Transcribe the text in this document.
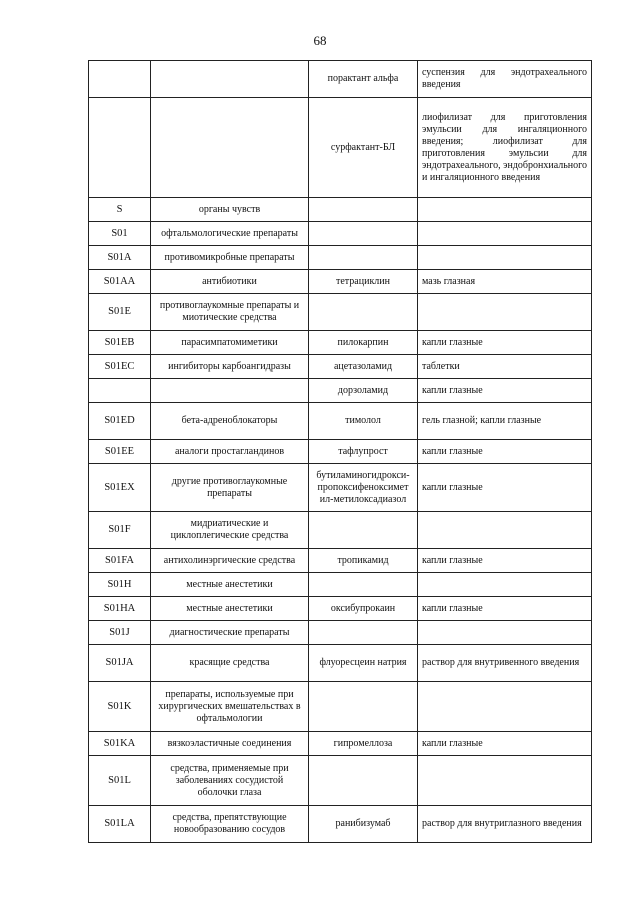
68
		порактант альфа	суспензия для эндотрахеального введения

		сурфактант-БЛ	лиофилизат для приготовления эмульсии для ингаляционного введения; лиофилизат для приготовления эмульсии для эндотрахеального, эндобронхиального и ингаляционного введения

S	органы чувств		

S01	офтальмологические препараты		

S01A	противомикробные препараты		

S01AA	антибиотики	тетрациклин	мазь глазная

S01E	противоглаукомные препараты и миотические средства		

S01EB	парасимпатомиметики	пилокарпин	капли глазные

S01EC	ингибиторы карбоангидразы	ацетазоламид	таблетки

		дорзоламид	капли глазные

S01ED	бета-адреноблокаторы	тимолол	гель глазной; капли глазные

S01EE	аналоги простагландинов	тафлупрост	капли глазные

S01EX	другие противоглаукомные препараты	бутиламиногидрокси-пропоксифеноксимет ил-метилоксадиазол	капли глазные

S01F	мидриатические и циклоплегические средства		

S01FA	антихолинэргические средства	тропикамид	капли глазные

S01H	местные анестетики		

S01HA	местные анестетики	оксибупрокаин	капли глазные

S01J	диагностические препараты		

S01JA	красящие средства	флуоресцеин натрия	раствор для внутривенного введения

S01K	препараты, используемые при хирургических вмешательствах в офтальмологии		

S01KA	вязкоэластичные соединения	гипромеллоза	капли глазные

S01L	средства, применяемые при заболеваниях сосудистой оболочки глаза		

S01LA	средства, препятствующие новообразованию сосудов	ранибизумаб	раствор для внутриглазного введения
